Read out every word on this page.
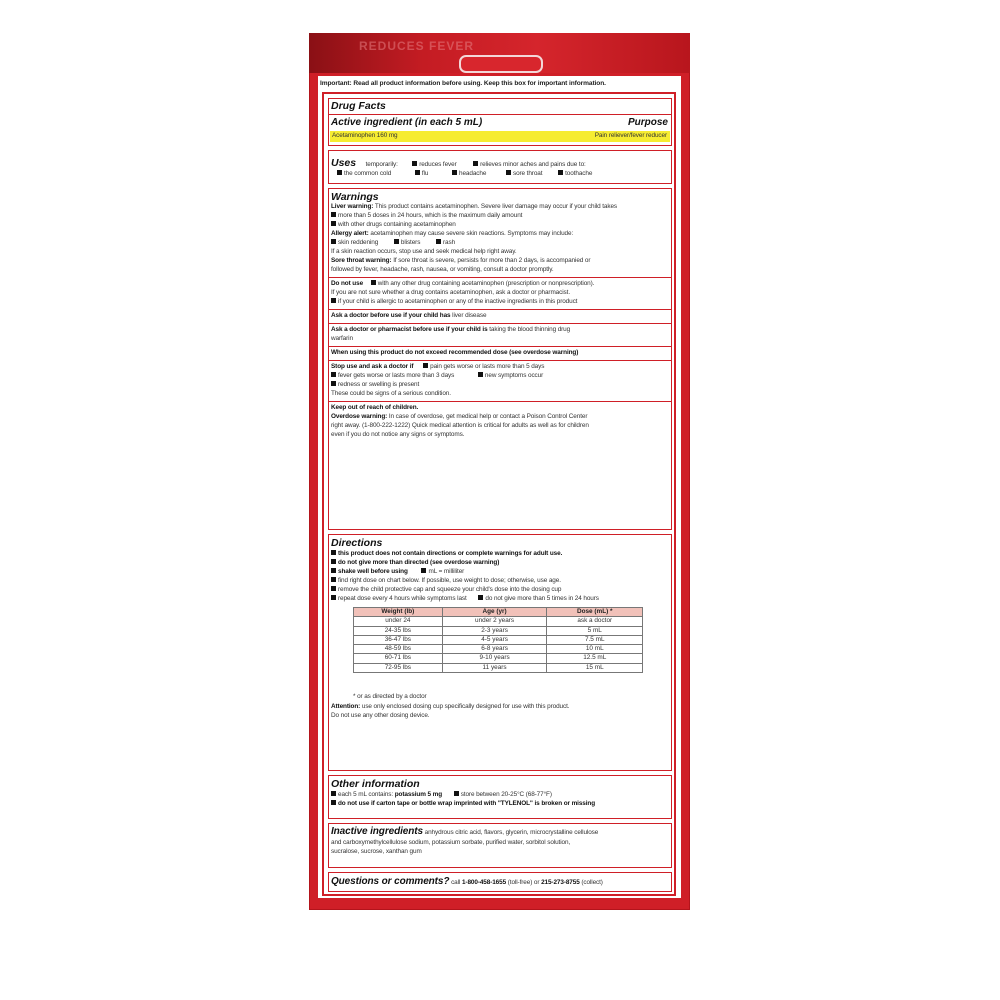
REDUCES FEVER
Important: Read all product information before using. Keep this box for important information.
Drug Facts
Active ingredient (in each 5 mL)	Purpose
Acetaminophen 160 mg	Pain reliever/fever reducer
Uses temporarily:	reduces fever	relieves minor aches and pains due to:
the common cold	flu	headache	sore throat	toothache
Warnings
Liver warning: This product contains acetaminophen. Severe liver damage may occur if your child takes
more than 5 doses in 24 hours, which is the maximum daily amount
with other drugs containing acetaminophen
Allergy alert: acetaminophen may cause severe skin reactions. Symptoms may include:
skin reddening	blisters	rash
If a skin reaction occurs, stop use and seek medical help right away.
Sore throat warning: If sore throat is severe, persists for more than 2 days, is accompanied or
followed by fever, headache, rash, nausea, or vomiting, consult a doctor promptly.
Do not use with any other drug containing acetaminophen (prescription or nonprescription).
If you are not sure whether a drug contains acetaminophen, ask a doctor or pharmacist.
if your child is allergic to acetaminophen or any of the inactive ingredients in this product
Ask a doctor before use if your child has liver disease
Ask a doctor or pharmacist before use if your child is taking the blood thinning drug
warfarin
When using this product do not exceed recommended dose (see overdose warning)
Stop use and ask a doctor if	pain gets worse or lasts more than 5 days
fever gets worse or lasts more than 3 days	new symptoms occur
redness or swelling is present
These could be signs of a serious condition.
Keep out of reach of children.
Overdose warning: In case of overdose, get medical help or contact a Poison Control Center
right away. (1-800-222-1222) Quick medical attention is critical for adults as well as for children
even if you do not notice any signs or symptoms.
Directions
this product does not contain directions or complete warnings for adult use.
do not give more than directed (see overdose warning)
shake well before using	mL = milliliter
find right dose on chart below. If possible, use weight to dose; otherwise, use age.
remove the child protective cap and squeeze your child's dose into the dosing cup
repeat dose every 4 hours while symptoms last	do not give more than 5 times in 24 hours
Weight (lb)	Age (yr)	Dose (mL) *
under 24	under 2 years	ask a doctor
24-35 lbs	2-3 years	5 mL
36-47 lbs	4-5 years	7.5 mL
48-59 lbs	6-8 years	10 mL
60-71 lbs	9-10 years	12.5 mL
72-95 lbs	11 years	15 mL
* or as directed by a doctor
Attention: use only enclosed dosing cup specifically designed for use with this product.
Do not use any other dosing device.
Other information
each 5 mL contains: potassium 5 mg	store between 20-25°C (68-77°F)
do not use if carton tape or bottle wrap imprinted with "TYLENOL" is broken or missing
Inactive ingredients anhydrous citric acid, flavors, glycerin, microcrystalline cellulose
and carboxymethylcellulose sodium, potassium sorbate, purified water, sorbitol solution,
sucralose, sucrose, xanthan gum
Questions or comments? call 1-800-458-1655 (toll-free) or 215-273-8755 (collect)
